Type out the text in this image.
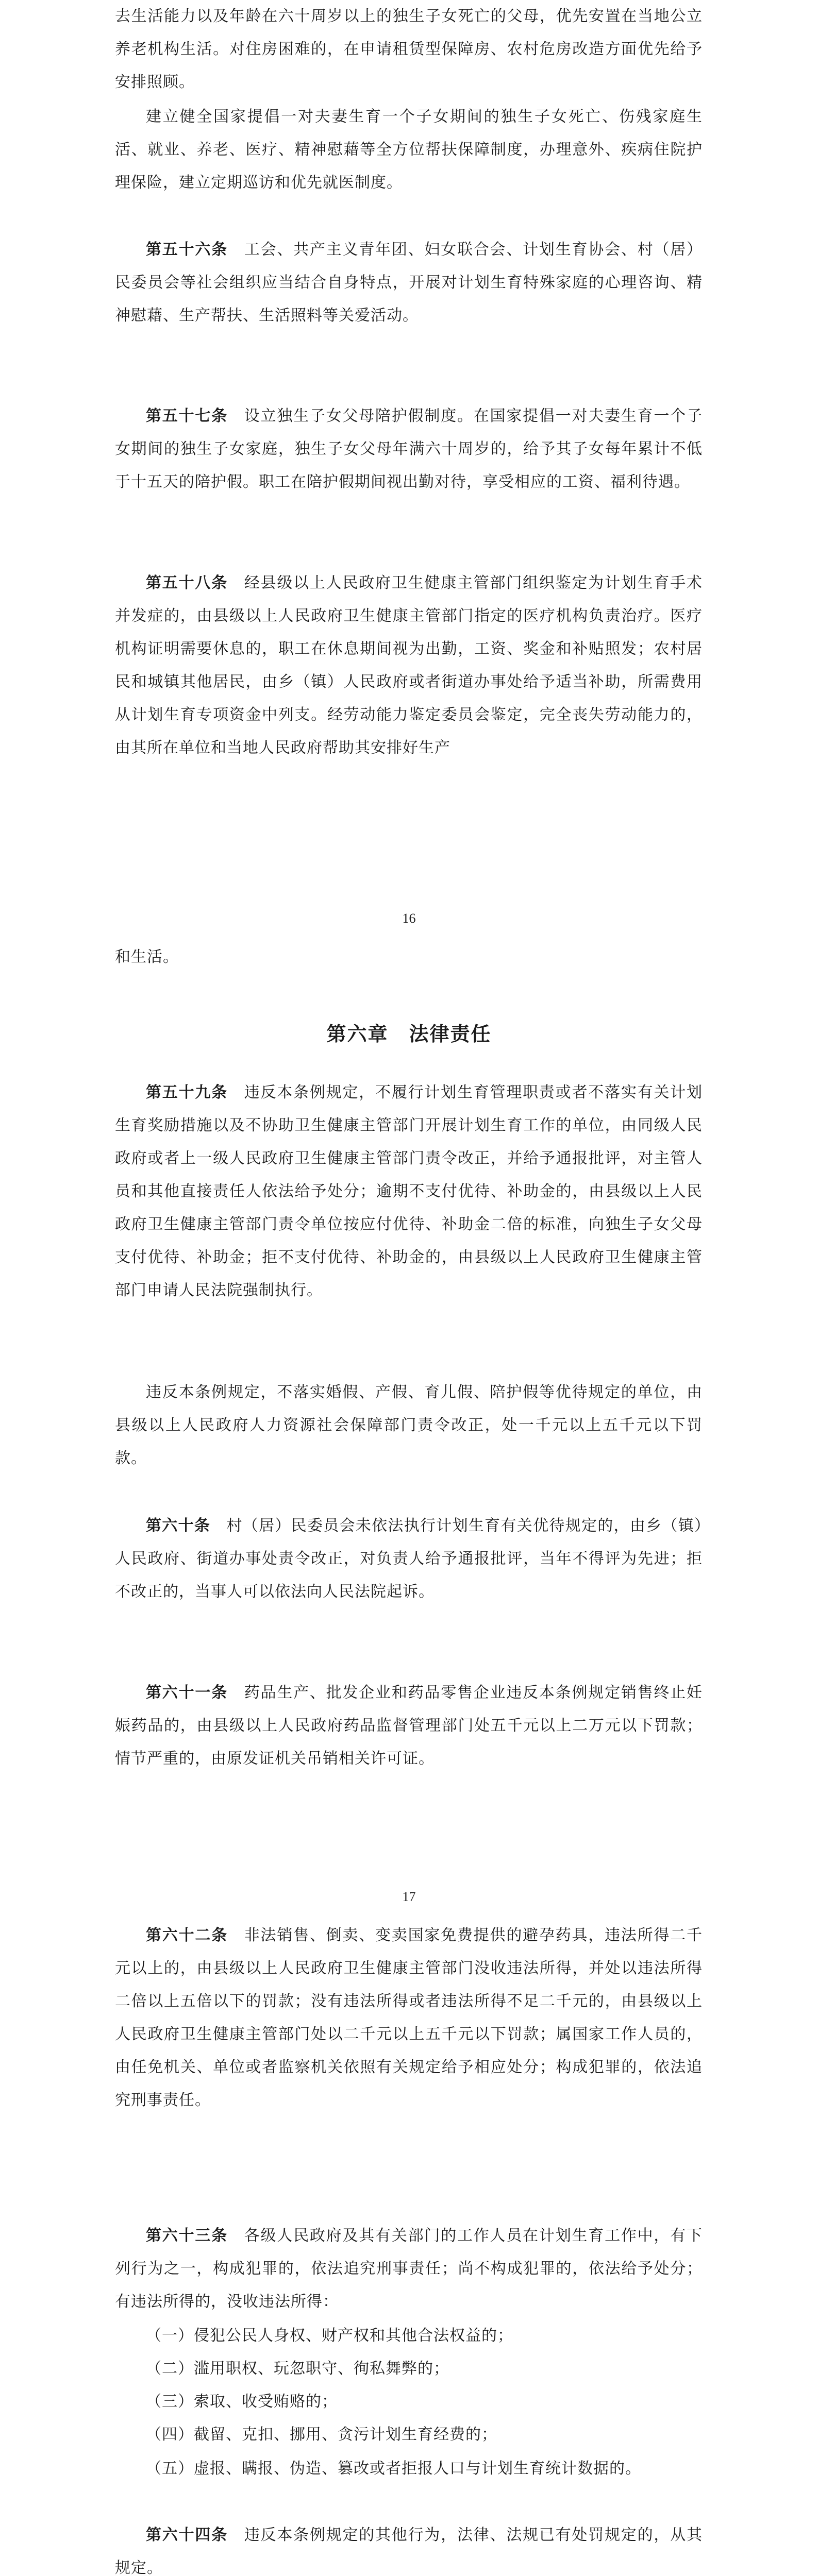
去生活能力以及年龄在六十周岁以上的独生子女死亡的父母，优先安置在当地公立养老机构生活。对住房困难的，在申请租赁型保障房、农村危房改造方面优先给予安排照顾。

建立健全国家提倡一对夫妻生育一个子女期间的独生子女死亡、伤残家庭生活、就业、养老、医疗、精神慰藉等全方位帮扶保障制度，办理意外、疾病住院护理保险，建立定期巡访和优先就医制度。

第五十六条　工会、共产主义青年团、妇女联合会、计划生育协会、村（居）民委员会等社会组织应当结合自身特点，开展对计划生育特殊家庭的心理咨询、精神慰藉、生产帮扶、生活照料等关爱活动。

第五十七条　设立独生子女父母陪护假制度。在国家提倡一对夫妻生育一个子女期间的独生子女家庭，独生子女父母年满六十周岁的，给予其子女每年累计不低于十五天的陪护假。职工在陪护假期间视出勤对待，享受相应的工资、福利待遇。

第五十八条　经县级以上人民政府卫生健康主管部门组织鉴定为计划生育手术并发症的，由县级以上人民政府卫生健康主管部门指定的医疗机构负责治疗。医疗机构证明需要休息的，职工在休息期间视为出勤，工资、奖金和补贴照发；农村居民和城镇其他居民，由乡（镇）人民政府或者街道办事处给予适当补助，所需费用从计划生育专项资金中列支。经劳动能力鉴定委员会鉴定，完全丧失劳动能力的，由其所在单位和当地人民政府帮助其安排好生产

16

和生活。

第六章　法律责任

第五十九条　违反本条例规定，不履行计划生育管理职责或者不落实有关计划生育奖励措施以及不协助卫生健康主管部门开展计划生育工作的单位，由同级人民政府或者上一级人民政府卫生健康主管部门责令改正，并给予通报批评，对主管人员和其他直接责任人依法给予处分；逾期不支付优待、补助金的，由县级以上人民政府卫生健康主管部门责令单位按应付优待、补助金二倍的标准，向独生子女父母支付优待、补助金；拒不支付优待、补助金的，由县级以上人民政府卫生健康主管部门申请人民法院强制执行。

违反本条例规定，不落实婚假、产假、育儿假、陪护假等优待规定的单位，由县级以上人民政府人力资源社会保障部门责令改正，处一千元以上五千元以下罚款。

第六十条　村（居）民委员会未依法执行计划生育有关优待规定的，由乡（镇）人民政府、街道办事处责令改正，对负责人给予通报批评，当年不得评为先进；拒不改正的，当事人可以依法向人民法院起诉。

第六十一条　药品生产、批发企业和药品零售企业违反本条例规定销售终止妊娠药品的，由县级以上人民政府药品监督管理部门处五千元以上二万元以下罚款；情节严重的，由原发证机关吊销相关许可证。

17

第六十二条　非法销售、倒卖、变卖国家免费提供的避孕药具，违法所得二千元以上的，由县级以上人民政府卫生健康主管部门没收违法所得，并处以违法所得二倍以上五倍以下的罚款；没有违法所得或者违法所得不足二千元的，由县级以上人民政府卫生健康主管部门处以二千元以上五千元以下罚款；属国家工作人员的，由任免机关、单位或者监察机关依照有关规定给予相应处分；构成犯罪的，依法追究刑事责任。

第六十三条　各级人民政府及其有关部门的工作人员在计划生育工作中，有下列行为之一，构成犯罪的，依法追究刑事责任；尚不构成犯罪的，依法给予处分；有违法所得的，没收违法所得：

（一）侵犯公民人身权、财产权和其他合法权益的；

（二）滥用职权、玩忽职守、徇私舞弊的；

（三）索取、收受贿赂的；

（四）截留、克扣、挪用、贪污计划生育经费的；

（五）虚报、瞒报、伪造、篡改或者拒报人口与计划生育统计数据的。

第六十四条　违反本条例规定的其他行为，法律、法规已有处罚规定的，从其规定。
